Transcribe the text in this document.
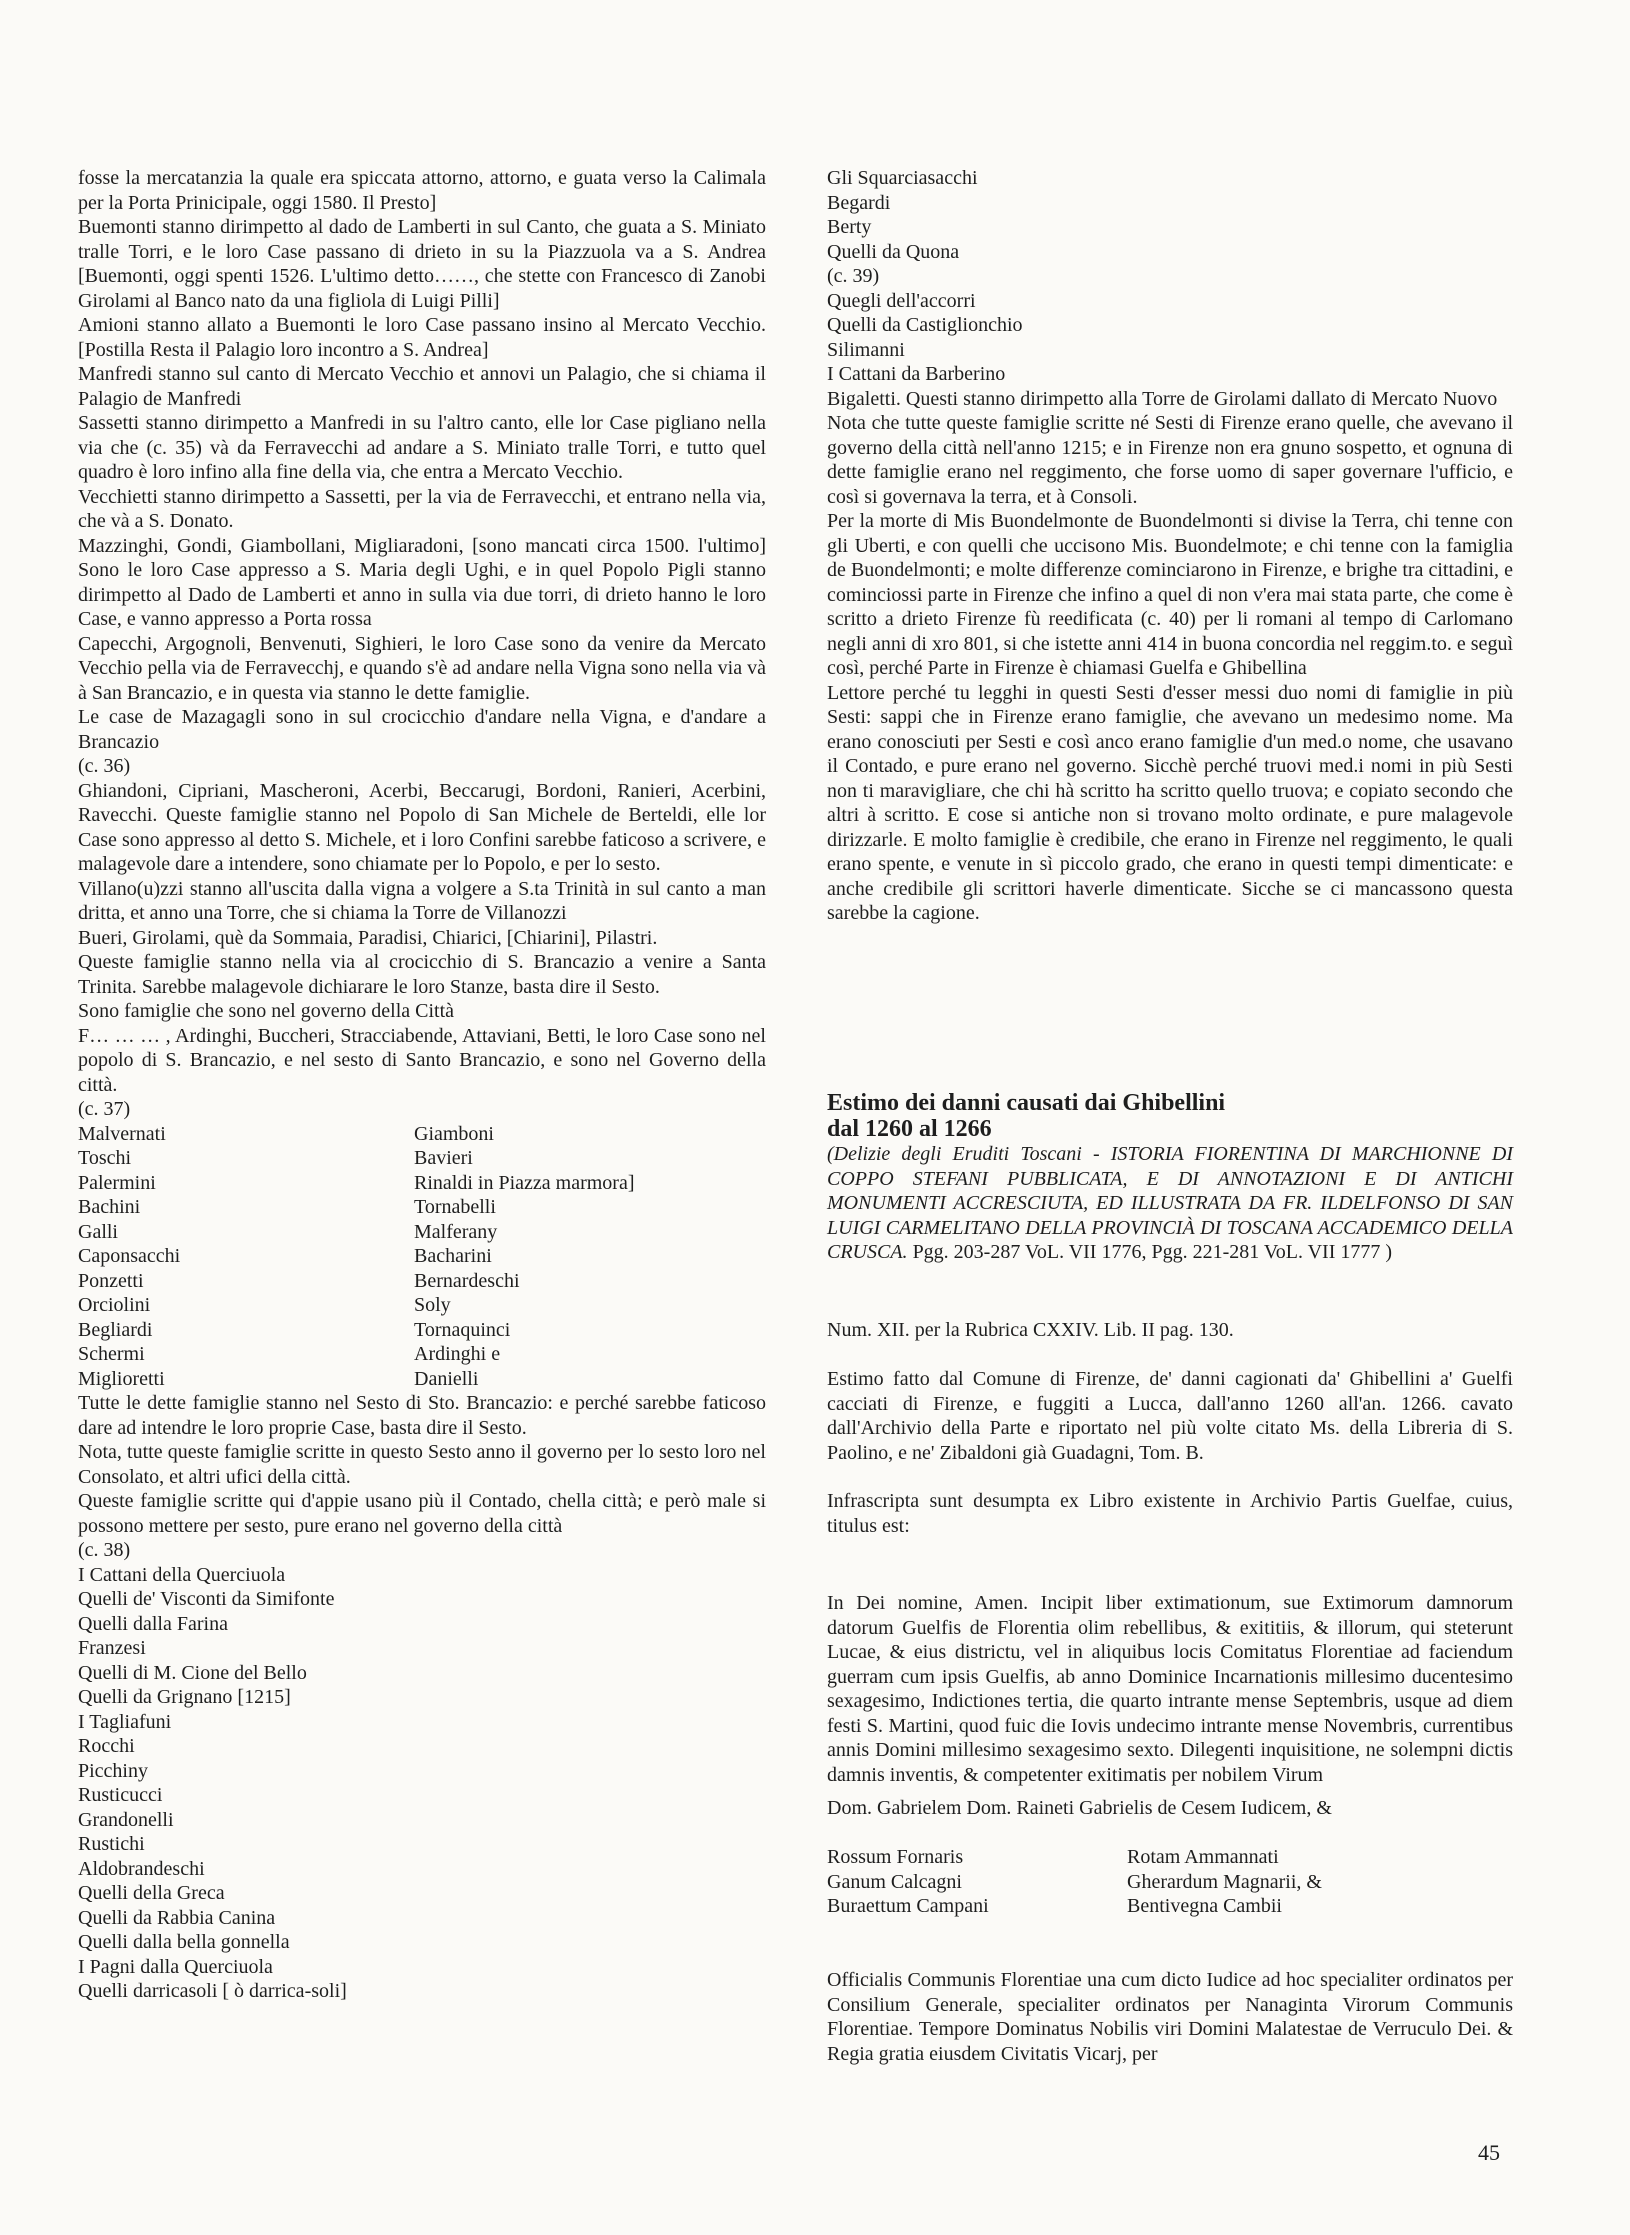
fosse la mercatanzia la quale era spiccata attorno, attorno, e guata verso la Calimala per la Porta Prinicipale, oggi 1580. Il Presto]

Buemonti stanno dirimpetto al dado de Lamberti in sul Canto, che guata a S. Miniato tralle Torri, e le loro Case passano di drieto in su la Piazzuola va a S. Andrea [Buemonti, oggi spenti 1526. L'ultimo detto……, che stette con Francesco di Zanobi Girolami al Banco nato da una figliola di Luigi Pilli]

Amioni stanno allato a Buemonti le loro Case passano insino al Mercato Vecchio. [Postilla Resta il Palagio loro incontro a S. Andrea]

Manfredi stanno sul canto di Mercato Vecchio et annovi un Palagio, che si chiama il Palagio de Manfredi

Sassetti stanno dirimpetto a Manfredi in su l'altro canto, elle lor Case pigliano nella via che (c. 35) và da Ferravecchi ad andare a S. Miniato tralle Torri, e tutto quel quadro è loro infino alla fine della via, che entra a Mercato Vecchio.

Vecchietti stanno dirimpetto a Sassetti, per la via de Ferravecchi, et entrano nella via, che và a S. Donato.

Mazzinghi, Gondi, Giambollani, Migliaradoni, [sono mancati circa 1500. l'ultimo] Sono le loro Case appresso a S. Maria degli Ughi, e in quel Popolo Pigli stanno dirimpetto al Dado de Lamberti et anno in sulla via due torri, di drieto hanno le loro Case, e vanno appresso a Porta rossa

Capecchi, Argognoli, Benvenuti, Sighieri, le loro Case sono da venire da Mercato Vecchio pella via de Ferravecchj, e quando s'è ad andare nella Vigna sono nella via và à San Brancazio, e in questa via stanno le dette famiglie.

Le case de Mazagagli sono in sul crocicchio d'andare nella Vigna, e d'andare a Brancazio

(c. 36)

Ghiandoni, Cipriani, Mascheroni, Acerbi, Beccarugi, Bordoni, Ranieri, Acerbini, Ravecchi. Queste famiglie stanno nel Popolo di San Michele de Berteldi, elle lor Case sono appresso al detto S. Michele, et i loro Confini sarebbe faticoso a scrivere, e malagevole dare a intendere, sono chiamate per lo Popolo, e per lo sesto.

Villano(u)zzi stanno all'uscita dalla vigna a volgere a S.ta Trinità in sul canto a man dritta, et anno una Torre, che si chiama la Torre de Villanozzi

Bueri, Girolami, què da Sommaia, Paradisi, Chiarici, [Chiarini], Pilastri.

Queste famiglie stanno nella via al crocicchio di S. Brancazio a venire a Santa Trinita. Sarebbe malagevole dichiarare le loro Stanze, basta dire il Sesto.

Sono famiglie che sono nel governo della Città

F… … … , Ardinghi, Buccheri, Stracciabende, Attaviani, Betti, le loro Case sono nel popolo di S. Brancazio, e nel sesto di Santo Brancazio, e sono nel Governo della città.

(c. 37)

Malvernati

Toschi

Palermini

Bachini

Galli

Caponsacchi

Ponzetti

Orciolini

Begliardi

Schermi

Miglioretti

Giamboni

Bavieri

Rinaldi in Piazza marmora]

Tornabelli

Malferany

Bacharini

Bernardeschi

Soly

Tornaquinci

Ardinghi e

Danielli

Tutte le dette famiglie stanno nel Sesto di Sto. Brancazio: e perché sarebbe faticoso dare ad intendre le loro proprie Case, basta dire il Sesto.

Nota, tutte queste famiglie scritte in questo Sesto anno il governo per lo sesto loro nel Consolato, et altri ufici della città.

Queste famiglie scritte qui d'appie usano più il Contado, chella città; e però male si possono mettere per sesto, pure erano nel governo della città

(c. 38)

I Cattani della Querciuola

Quelli de' Visconti da Simifonte

Quelli dalla Farina

Franzesi

Quelli di M. Cione del Bello

Quelli da Grignano [1215]

I Tagliafuni

Rocchi

Picchiny

Rusticucci

Grandonelli

Rustichi

Aldobrandeschi

Quelli della Greca

Quelli da Rabbia Canina

Quelli dalla bella gonnella

I Pagni dalla Querciuola

Quelli darricasoli [ ò darrica-soli]

Gli Squarciasacchi

Begardi

Berty

Quelli da Quona

(c. 39)

Quegli dell'accorri

Quelli da Castiglionchio

Silimanni

I Cattani da Barberino

Bigaletti. Questi stanno dirimpetto alla Torre de Girolami dallato di Mercato Nuovo

Nota che tutte queste famiglie scritte né Sesti di Firenze erano quelle, che avevano il governo della città nell'anno 1215; e in Firenze non era gnuno sospetto, et ognuna di dette famiglie erano nel reggimento, che forse uomo di saper governare l'ufficio, e così si governava la terra, et à Consoli.

Per la morte di Mis Buondelmonte de Buondelmonti si divise la Terra, chi tenne con gli Uberti, e con quelli che uccisono Mis. Buondelmote; e chi tenne con la famiglia de Buondelmonti; e molte differenze cominciarono in Firenze, e brighe tra cittadini, e cominciossi parte in Firenze che infino a quel di non v'era mai stata parte, che come è scritto a drieto Firenze fù reedificata (c. 40) per li romani al tempo di Carlomano negli anni di xro 801, si che istette anni 414 in buona concordia nel reggim.to. e seguì così, perché Parte in Firenze è chiamasi Guelfa e Ghibellina

Lettore perché tu legghi in questi Sesti d'esser messi duo nomi di famiglie in più Sesti: sappi che in Firenze erano famiglie, che avevano un medesimo nome. Ma erano conosciuti per Sesti e così anco erano famiglie d'un med.o nome, che usavano il Contado, e pure erano nel governo. Sicchè perché truovi med.i nomi in più Sesti non ti maravigliare, che chi hà scritto ha scritto quello truova; e copiato secondo che altri à scritto. E cose si antiche non si trovano molto ordinate, e pure malagevole dirizzarle. E molto famiglie è credibile, che erano in Firenze nel reggimento, le quali erano spente, e venute in sì piccolo grado, che erano in questi tempi dimenticate: e anche credibile gli scrittori haverle dimenticate. Sicche se ci mancassono questa sarebbe la cagione.

Estimo dei danni causati dai Ghibellini
dal 1260 al 1266

(Delizie degli Eruditi Toscani - ISTORIA FIORENTINA DI MARCHIONNE DI COPPO STEFANI PUBBLICATA, E DI ANNOTAZIONI E DI ANTICHI MONUMENTI ACCRESCIUTA, ED ILLUSTRATA DA FR. ILDELFONSO DI SAN LUIGI CARMELITANO DELLA PROVINCIÀ DI TOSCANA ACCADEMICO DELLA CRUSCA. Pgg. 203-287 VoL. VII 1776, Pgg. 221-281 VoL. VII 1777 )

Num. XII. per la Rubrica CXXIV. Lib. II pag. 130.

Estimo fatto dal Comune di Firenze, de' danni cagionati da' Ghibellini a' Guelfi cacciati di Firenze, e fuggiti a Lucca, dall'anno 1260 all'an. 1266. cavato dall'Archivio della Parte e riportato nel più volte citato Ms. della Libreria di S. Paolino, e ne' Zibaldoni già Guadagni, Tom. B.

Infrascripta sunt desumpta ex Libro existente in Archivio Partis Guelfae, cuius, titulus est:

In Dei nomine, Amen. Incipit liber extimationum, sue Extimorum damnorum datorum Guelfis de Florentia olim rebellibus, & exititiis, & illorum, qui steterunt Lucae, & eius districtu, vel in aliquibus locis Comitatus Florentiae ad faciendum guerram cum ipsis Guelfis, ab anno Dominice Incarnationis millesimo ducentesimo sexagesimo, Indictiones tertia, die quarto intrante mense Septembris, usque ad diem festi S. Martini, quod fuic die Iovis undecimo intrante mense Novembris, currentibus annis Domini millesimo sexagesimo sexto. Dilegenti inquisitione, ne solempni dictis damnis inventis, & competenter exitimatis per nobilem Virum

Dom. Gabrielem Dom. Raineti Gabrielis de Cesem Iudicem, &

Rossum Fornaris

Ganum Calcagni

Buraettum Campani

Rotam Ammannati

Gherardum Magnarii, &

Bentivegna Cambii

Officialis Communis Florentiae una cum dicto Iudice ad hoc specialiter ordinatos per Consilium Generale, specialiter ordinatos per Nanaginta Virorum Communis Florentiae. Tempore Dominatus Nobilis viri Domini Malatestae de Verruculo Dei. & Regia gratia eiusdem Civitatis Vicarj, per

45
